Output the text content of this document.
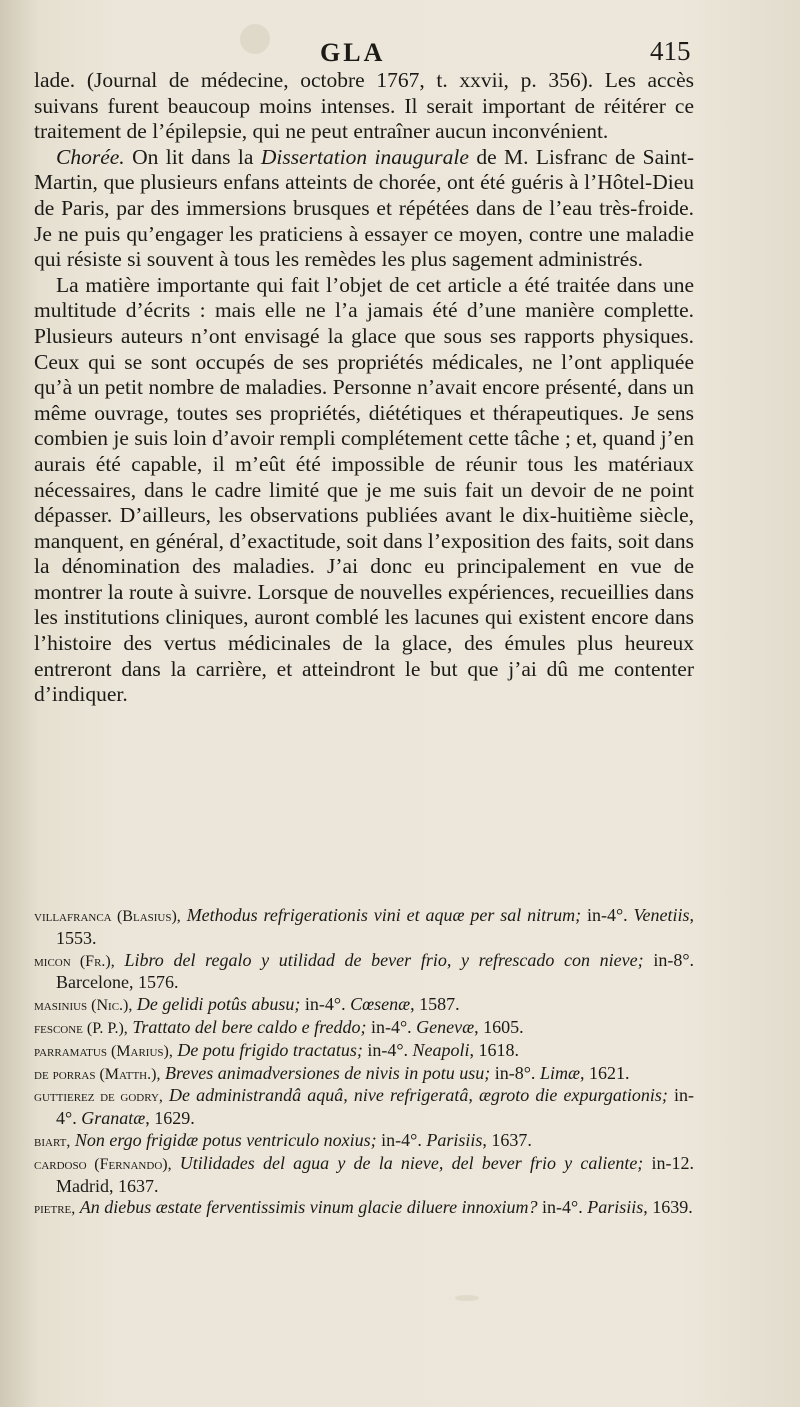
GLA	415

lade. (Journal de médecine, octobre 1767, t. xxvii, p. 356). Les accès suivans furent beaucoup moins intenses. Il serait important de réitérer ce traitement de l’épilepsie, qui ne peut entraîner aucun inconvénient.

Chorée. On lit dans la Dissertation inaugurale de M. Lisfranc de Saint-Martin, que plusieurs enfans atteints de chorée, ont été guéris à l’Hôtel-Dieu de Paris, par des immersions brusques et répétées dans de l’eau très-froide. Je ne puis qu’engager les praticiens à essayer ce moyen, contre une maladie qui résiste si souvent à tous les remèdes les plus sagement administrés.

La matière importante qui fait l’objet de cet article a été traitée dans une multitude d’écrits : mais elle ne l’a jamais été d’une manière complette. Plusieurs auteurs n’ont envisagé la glace que sous ses rapports physiques. Ceux qui se sont occupés de ses propriétés médicales, ne l’ont appliquée qu’à un petit nombre de maladies. Personne n’avait encore présenté, dans un même ouvrage, toutes ses propriétés, diététiques et thérapeutiques. Je sens combien je suis loin d’avoir rempli complétement cette tâche ; et, quand j’en aurais été capable, il m’eût été impossible de réunir tous les matériaux nécessaires, dans le cadre limité que je me suis fait un devoir de ne point dépasser. D’ailleurs, les observations publiées avant le dix-huitième siècle, manquent, en général, d’exactitude, soit dans l’exposition des faits, soit dans la dénomination des maladies. J’ai donc eu principalement en vue de montrer la route à suivre. Lorsque de nouvelles expériences, recueillies dans les institutions cliniques, auront comblé les lacunes qui existent encore dans l’histoire des vertus médicinales de la glace, des émules plus heureux entreront dans la carrière, et atteindront le but que j’ai dû me contenter d’indiquer.

villafranca (Blasius), Methodus refrigerationis vini et aquæ per sal nitrum; in-4°. Venetiis, 1553.

micon (Fr.), Libro del regalo y utilidad de bever frio, y refrescado con nieve; in-8°. Barcelone, 1576.

masinius (Nic.), De gelidi potûs abusu; in-4°. Cœsenæ, 1587.

fescone (P. P.), Trattato del bere caldo e freddo; in-4°. Genevæ, 1605.

parramatus (Marius), De potu frigido tractatus; in-4°. Neapoli, 1618.

de porras (Matth.), Breves animadversiones de nivis in potu usu; in-8°. Limæ, 1621.

guttierez de godry, De administrandâ aquâ, nive refrigeratâ, ægroto die expurgationis; in-4°. Granatæ, 1629.

biart, Non ergo frigidæ potus ventriculo noxius; in-4°. Parisiis, 1637.

cardoso (Fernando), Utilidades del agua y de la nieve, del bever frio y caliente; in-12. Madrid, 1637.

pietre, An diebus æstate ferventissimis vinum glacie diluere innoxium? in-4°. Parisiis, 1639.
